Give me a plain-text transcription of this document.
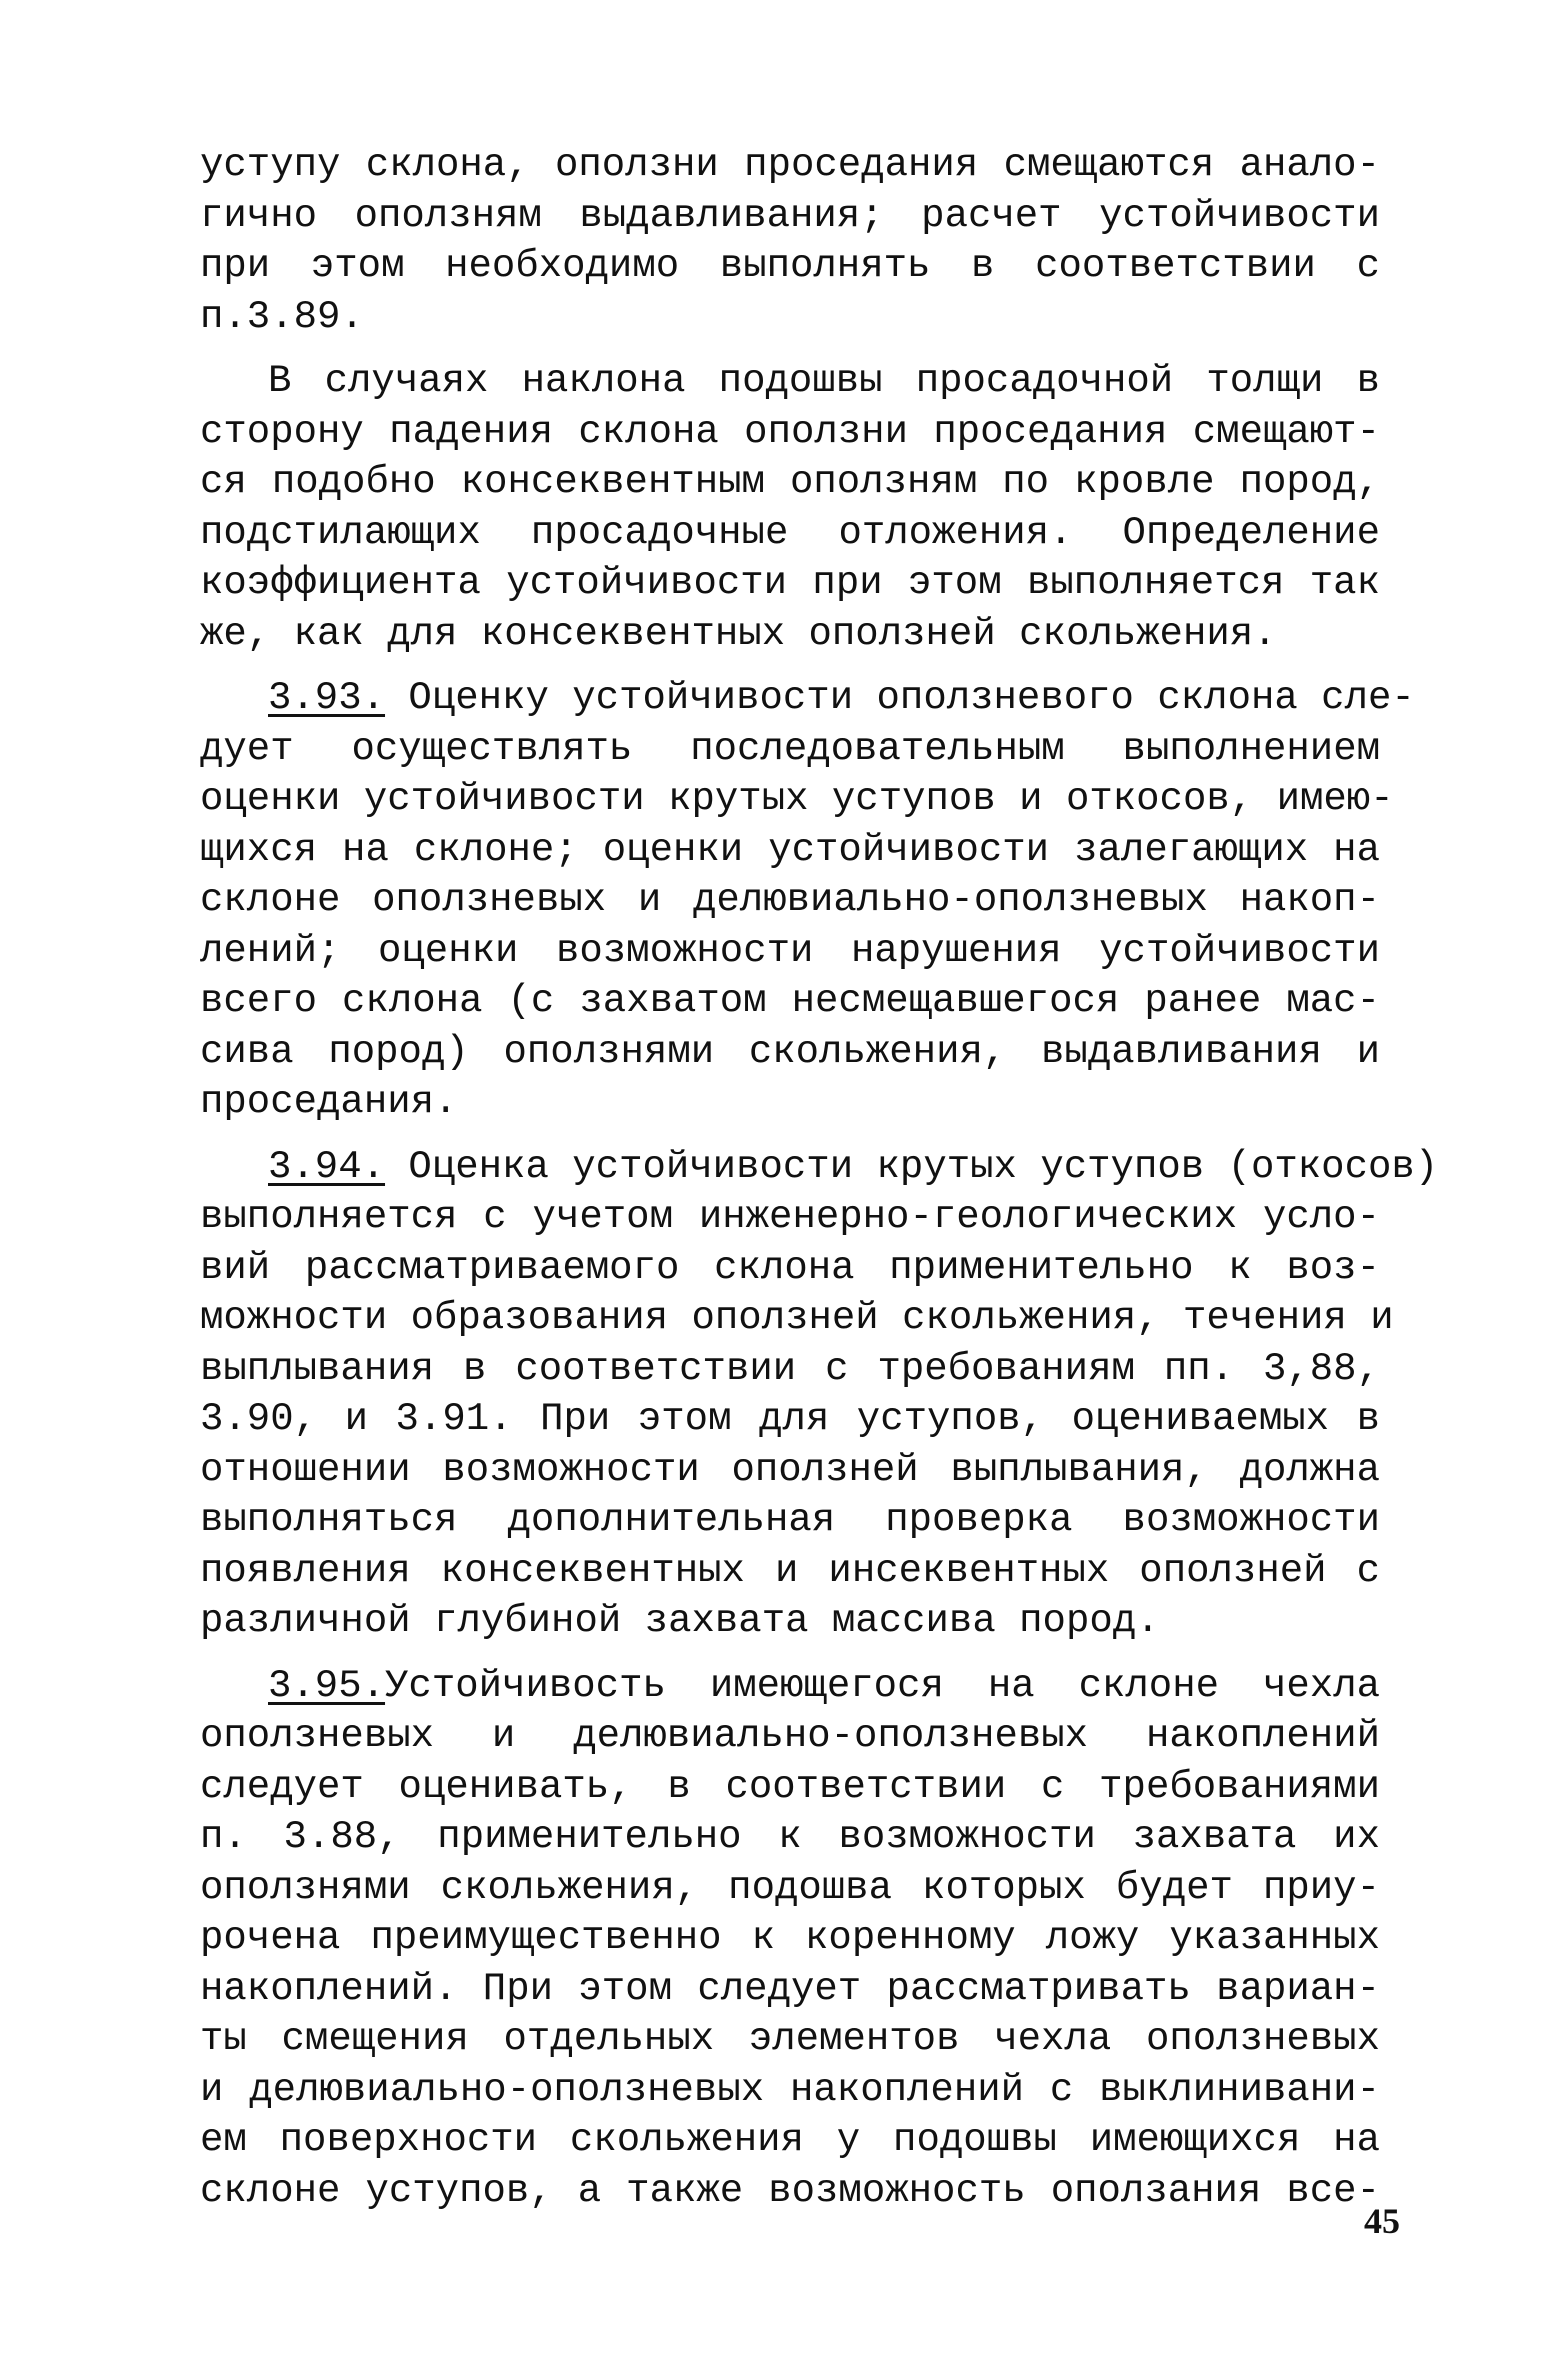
уступу склона, оползни проседания смещаются анало-
гично оползням выдавливания; расчет устойчивости
при этом необходимо выполнять в соответствии с
п.3.89.
В случаях наклона подошвы просадочной толщи в
сторону падения склона оползни проседания смещают-
ся подобно консеквентным оползням по кровле пород,
подстилающих просадочные отложения. Определение
коэффициента устойчивости при этом выполняется так
же, как для консеквентных оползней скольжения.
3.93. Оценку устойчивости оползневого склона сле-
дует осуществлять последовательным выполнением
оценки устойчивости крутых уступов и откосов, имею-
щихся на склоне; оценки устойчивости залегающих на
склоне оползневых и делювиально-оползневых накоп-
лений; оценки возможности нарушения устойчивости
всего склона (с захватом несмещавшегося ранее мас-
сива пород) оползнями скольжения, выдавливания и
проседания.
3.94. Оценка устойчивости крутых уступов (откосов)
выполняется с учетом инженерно-геологических усло-
вий рассматриваемого склона применительно к воз-
можности образования оползней скольжения, течения и
выплывания в соответствии с требованиям пп. 3,88,
3.90, и 3.91. При этом для уступов, оцениваемых в
отношении возможности оползней выплывания, должна
выполняться дополнительная проверка возможности
появления консеквентных и инсеквентных оползней с
различной глубиной захвата массива пород.
3.95.Устойчивость имеющегося на склоне чехла
оползневых и делювиально-оползневых накоплений
следует оценивать, в соответствии с требованиями
п. 3.88, применительно к возможности захвата их
оползнями скольжения, подошва которых будет приу-
рочена преимущественно к коренному ложу указанных
накоплений. При этом следует рассматривать вариан-
ты смещения отдельных элементов чехла оползневых
и делювиально-оползневых накоплений с выклинивани-
ем поверхности скольжения у подошвы имеющихся на
склоне уступов, а также возможность оползания все-
45
